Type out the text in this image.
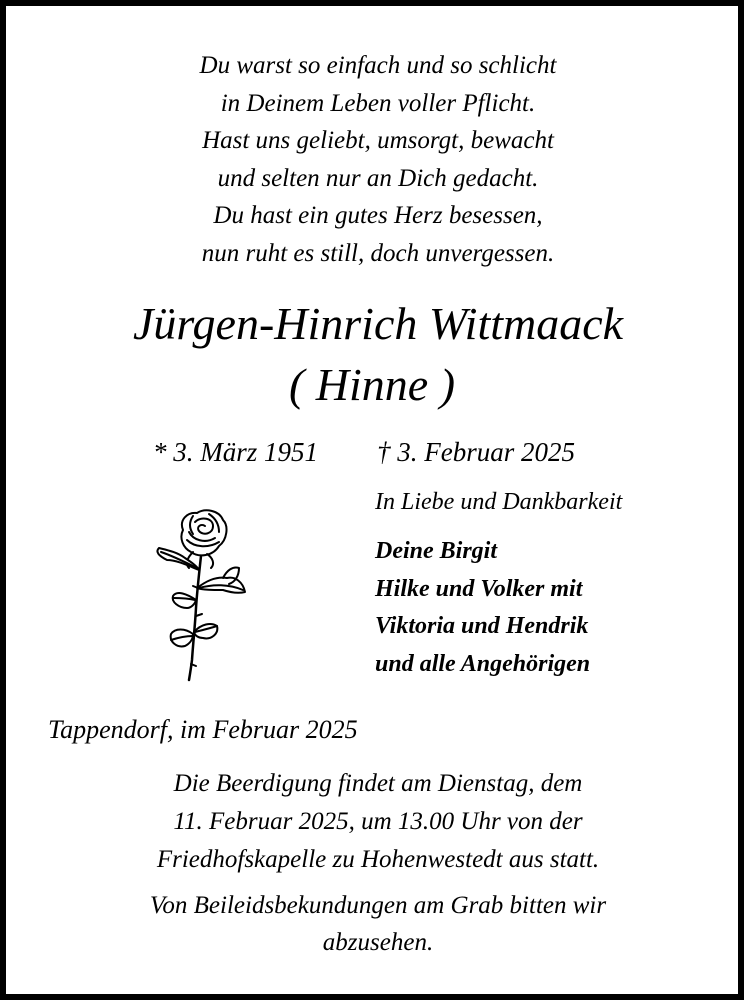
Du warst so einfach und so schlicht
in Deinem Leben voller Pflicht.
Hast uns geliebt, umsorgt, bewacht
und selten nur an Dich gedacht.
Du hast ein gutes Herz besessen,
nun ruht es still, doch unvergessen.
Jürgen-Hinrich Wittmaack
( Hinne )
* 3. März 1951 † 3. Februar 2025
In Liebe und Dankbarkeit
Deine Birgit
Hilke und Volker mit
Viktoria und Hendrik
und alle Angehörigen
Tappendorf, im Februar 2025
Die Beerdigung findet am Dienstag, dem
11. Februar 2025, um 13.00 Uhr von der
Friedhofskapelle zu Hohenwestedt aus statt.
Von Beileidsbekundungen am Grab bitten wir
abzusehen.
